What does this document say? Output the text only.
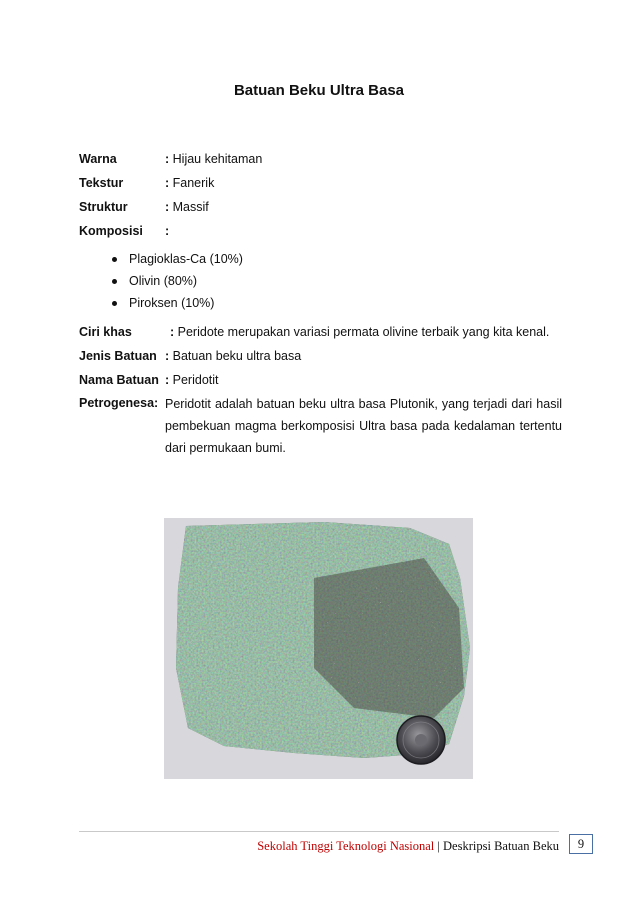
Batuan Beku Ultra Basa
Warna	: Hijau kehitaman
Tekstur	: Fanerik
Struktur	: Massif
Komposisi :
Plagioklas-Ca (10%)
Olivin (80%)
Piroksen (10%)
Ciri khas	: Peridote merupakan variasi permata olivine terbaik yang kita kenal.
Jenis Batuan : Batuan beku ultra basa
Nama Batuan : Peridotit
Petrogenesa: Peridotit adalah batuan beku ultra basa Plutonik, yang terjadi dari hasil pembekuan magma berkomposisi Ultra basa pada kedalaman tertentu dari permukaan bumi.
Sekolah Tinggi Teknologi Nasional | Deskripsi Batuan Beku	9
